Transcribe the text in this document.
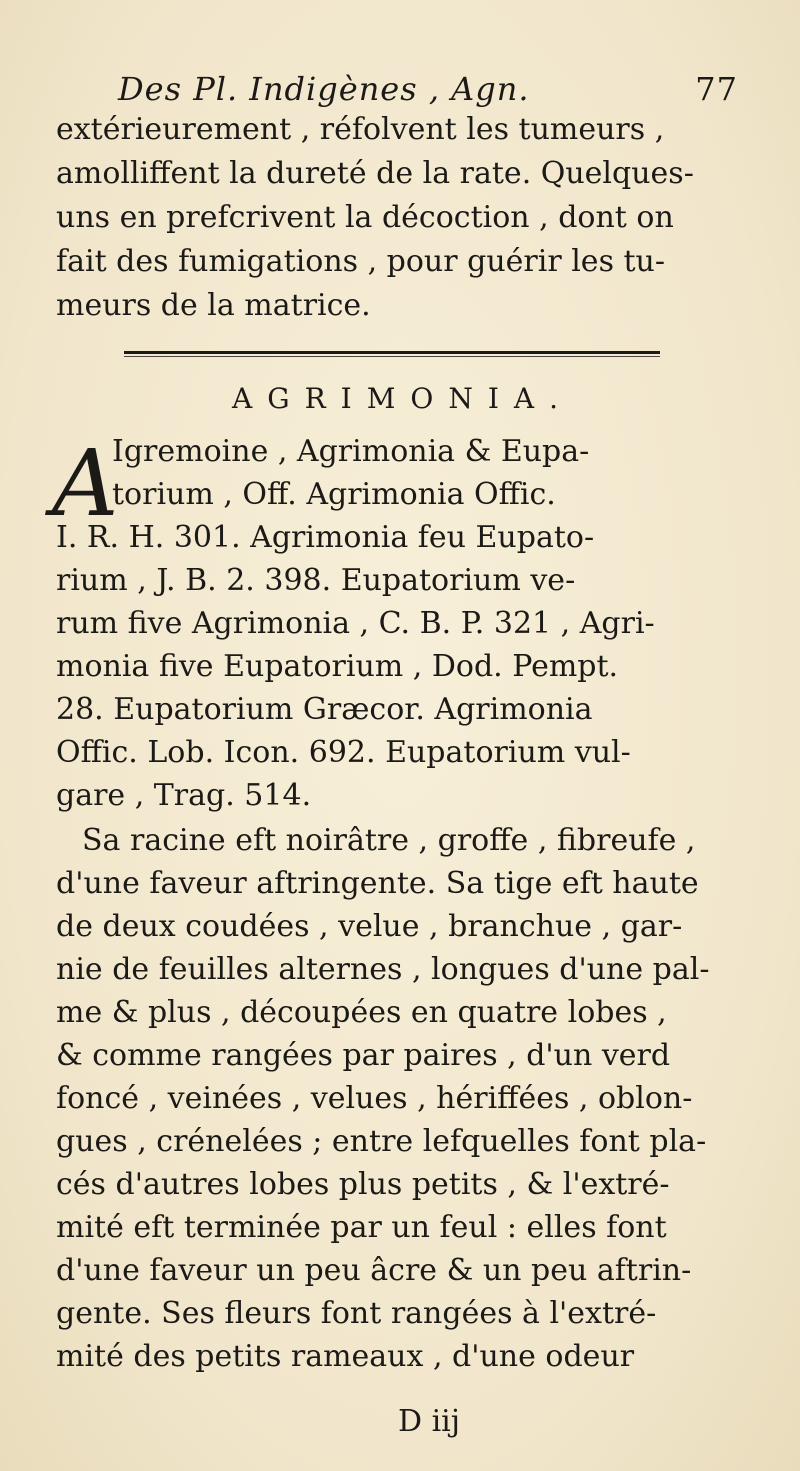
Des Pl. Indigènes , Agn.	77
extérieurement , réfolvent les tumeurs ,
amolliffent la dureté de la rate. Quelques-
uns en prefcrivent la décoction , dont on
fait des fumigations , pour guérir les tu-
meurs de la matrice.
AGRIMONIA.
A
Igremoine , Agrimonia & Eupa-
torium , Off. Agrimonia Offic.
I. R. H. 301. Agrimonia feu Eupato-
rium , J. B. 2. 398. Eupatorium ve-
rum five Agrimonia , C. B. P. 321 , Agri-
monia five Eupatorium , Dod. Pempt.
28. Eupatorium Græcor. Agrimonia
Offic. Lob. Icon. 692. Eupatorium vul-
gare , Trag. 514.
Sa racine eft noirâtre , groffe , fibreufe ,
d'une faveur aftringente. Sa tige eft haute
de deux coudées , velue , branchue , gar-
nie de feuilles alternes , longues d'une pal-
me & plus , découpées en quatre lobes ,
& comme rangées par paires , d'un verd
foncé , veinées , velues , hériffées , oblon-
gues , crénelées ; entre lefquelles font pla-
cés d'autres lobes plus petits , & l'extré-
mité eft terminée par un feul : elles font
d'une faveur un peu âcre & un peu aftrin-
gente. Ses fleurs font rangées à l'extré-
mité des petits rameaux , d'une odeur
D iij
